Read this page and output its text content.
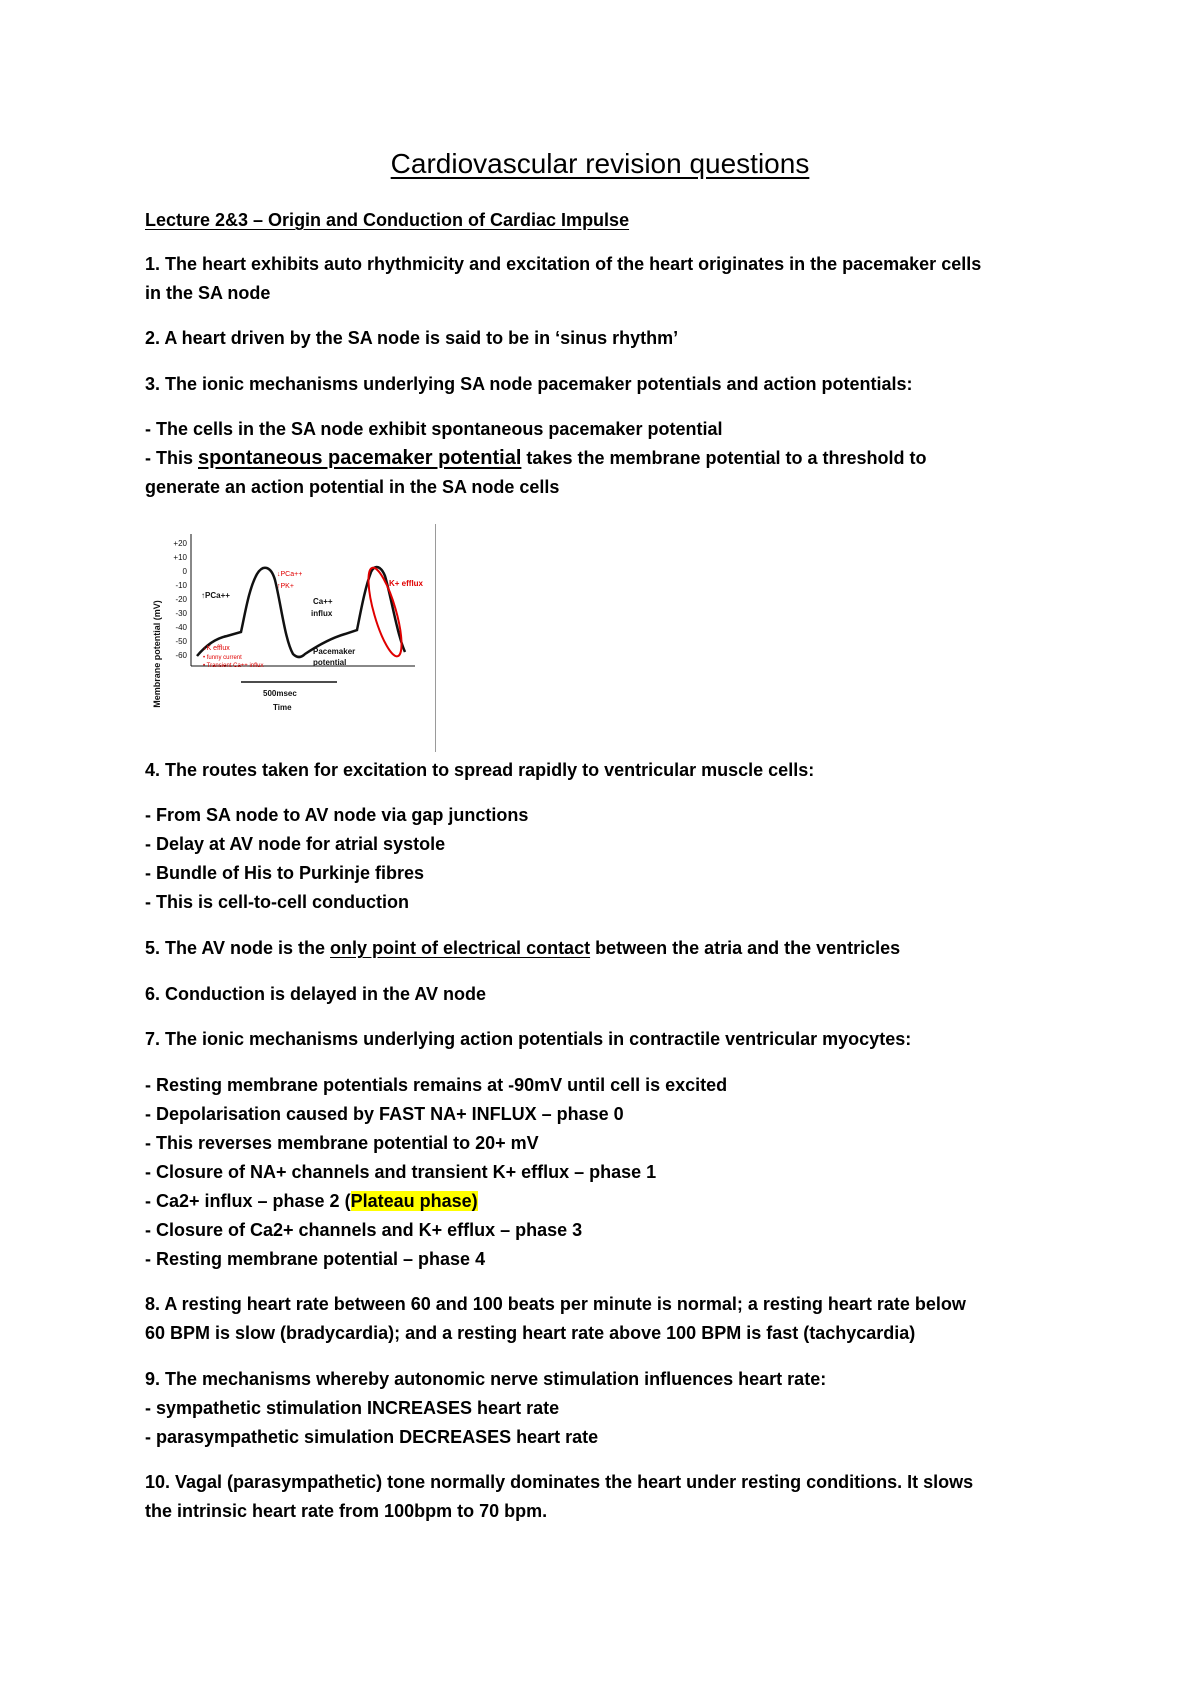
Cardiovascular revision questions
Lecture 2&3 – Origin and Conduction of Cardiac Impulse
1. The heart exhibits auto rhythmicity and excitation of the heart originates in the pacemaker cells
in the SA node
2. A heart driven by the SA node is said to be in ‘sinus rhythm’
3. The ionic mechanisms underlying SA node pacemaker potentials and action potentials:
- The cells in the SA node exhibit spontaneous pacemaker potential
- This spontaneous pacemaker potential takes the membrane potential to a threshold to
generate an action potential in the SA node cells
Membrane potential (mV)
+20
+10
0
-10
-20
-30
-40
-50
-60
↑PCa++
↓PCa++
↑PK+
Ca++
influx
K+ efflux
↓K efflux
• funny current
• Transient Ca++ influx
Pacemaker
potential
500msec
Time
4. The routes taken for excitation to spread rapidly to ventricular muscle cells:
- From SA node to AV node via gap junctions
- Delay at AV node for atrial systole
- Bundle of His to Purkinje fibres
- This is cell-to-cell conduction
5. The AV node is the only point of electrical contact between the atria and the ventricles
6. Conduction is delayed in the AV node
7. The ionic mechanisms underlying action potentials in contractile ventricular myocytes:
- Resting membrane potentials remains at -90mV until cell is excited
- Depolarisation caused by FAST NA+ INFLUX – phase 0
- This reverses membrane potential to 20+ mV
- Closure of NA+ channels and transient K+ efflux – phase 1
- Ca2+ influx – phase 2 (Plateau phase)
- Closure of Ca2+ channels and K+ efflux – phase 3
- Resting membrane potential – phase 4
8. A resting heart rate between 60 and 100 beats per minute is normal; a resting heart rate below
60 BPM is slow (bradycardia); and a resting heart rate above 100 BPM is fast (tachycardia)
9. The mechanisms whereby autonomic nerve stimulation influences heart rate:
- sympathetic stimulation INCREASES heart rate
- parasympathetic simulation DECREASES heart rate
10. Vagal (parasympathetic) tone normally dominates the heart under resting conditions. It slows
the intrinsic heart rate from 100bpm to 70 bpm.
